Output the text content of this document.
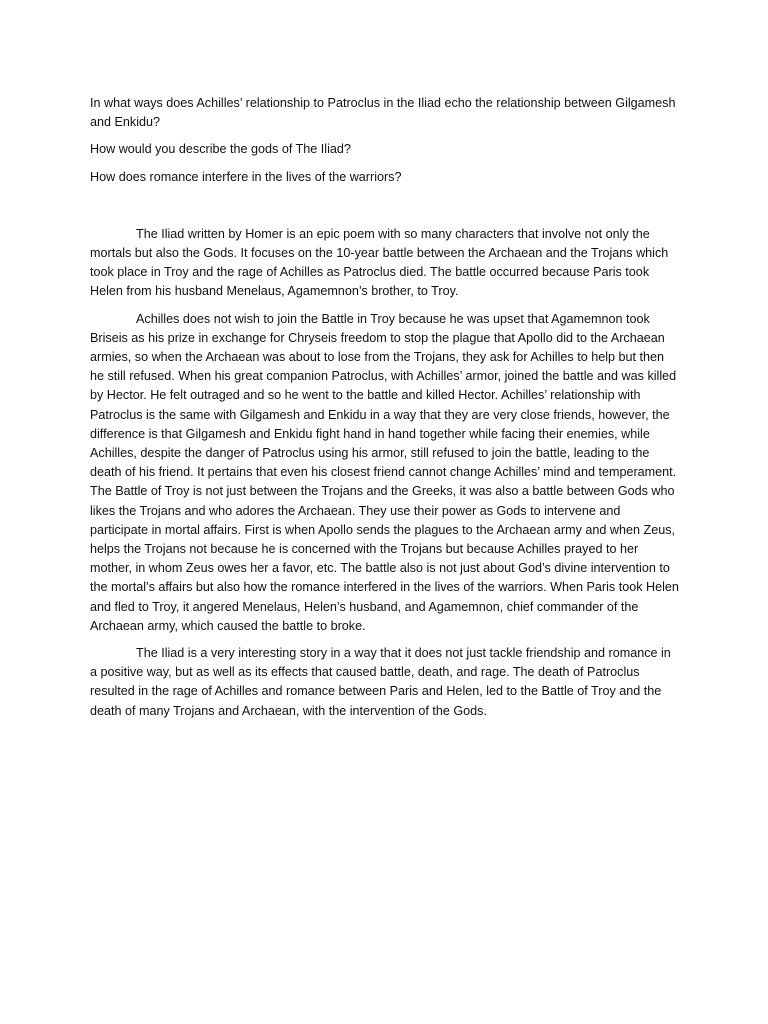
In what ways does Achilles’ relationship to Patroclus in the Iliad echo the relationship between Gilgamesh and Enkidu?

How would you describe the gods of The Iliad?

How does romance interfere in the lives of the warriors?

The Iliad written by Homer is an epic poem with so many characters that involve not only the mortals but also the Gods. It focuses on the 10-year battle between the Archaean and the Trojans which took place in Troy and the rage of Achilles as Patroclus died. The battle occurred because Paris took Helen from his husband Menelaus, Agamemnon’s brother, to Troy.

Achilles does not wish to join the Battle in Troy because he was upset that Agamemnon took Briseis as his prize in exchange for Chryseis freedom to stop the plague that Apollo did to the Archaean armies, so when the Archaean was about to lose from the Trojans, they ask for Achilles to help but then he still refused. When his great companion Patroclus, with Achilles’ armor, joined the battle and was killed by Hector. He felt outraged and so he went to the battle and killed Hector. Achilles’ relationship with Patroclus is the same with Gilgamesh and Enkidu in a way that they are very close friends, however, the difference is that Gilgamesh and Enkidu fight hand in hand together while facing their enemies, while Achilles, despite the danger of Patroclus using his armor, still refused to join the battle, leading to the death of his friend. It pertains that even his closest friend cannot change Achilles’ mind and temperament. The Battle of Troy is not just between the Trojans and the Greeks, it was also a battle between Gods who likes the Trojans and who adores the Archaean. They use their power as Gods to intervene and participate in mortal affairs. First is when Apollo sends the plagues to the Archaean army and when Zeus, helps the Trojans not because he is concerned with the Trojans but because Achilles prayed to her mother, in whom Zeus owes her a favor, etc. The battle also is not just about God’s divine intervention to the mortal’s affairs but also how the romance interfered in the lives of the warriors. When Paris took Helen and fled to Troy, it angered Menelaus, Helen’s husband, and Agamemnon, chief commander of the Archaean army, which caused the battle to broke.

The Iliad is a very interesting story in a way that it does not just tackle friendship and romance in a positive way, but as well as its effects that caused battle, death, and rage. The death of Patroclus resulted in the rage of Achilles and romance between Paris and Helen, led to the Battle of Troy and the death of many Trojans and Archaean, with the intervention of the Gods.
